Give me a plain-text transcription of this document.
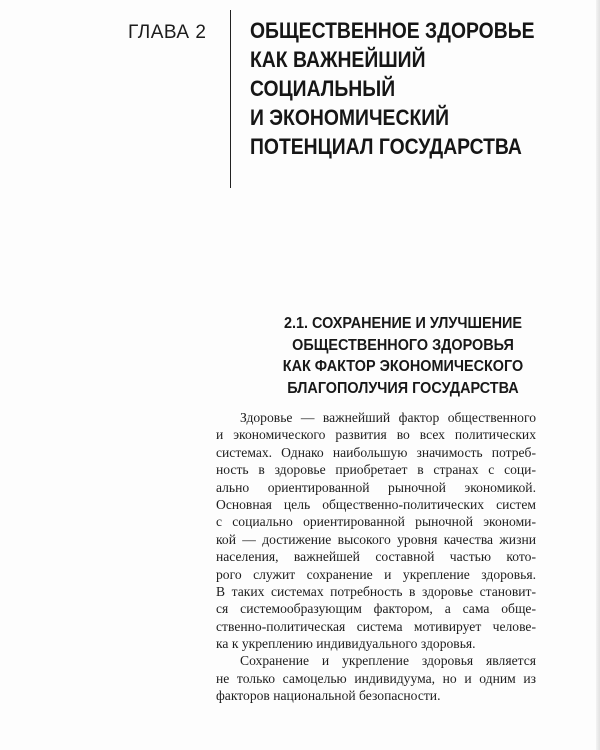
ГЛАВА 2 ОБЩЕСТВЕННОЕ ЗДОРОВЬЕ
КАК ВАЖНЕЙШИЙ
СОЦИАЛЬНЫЙ
И ЭКОНОМИЧЕСКИЙ
ПОТЕНЦИАЛ ГОСУДАРСТВА
2.1. СОХРАНЕНИЕ И УЛУЧШЕНИЕ
ОБЩЕСТВЕННОГО ЗДОРОВЬЯ
КАК ФАКТОР ЭКОНОМИЧЕСКОГО
БЛАГОПОЛУЧИЯ ГОСУДАРСТВА

Здоровье — важнейший фактор общественного
и экономического развития во всех политических
системах. Однако наибольшую значимость потреб-
ность в здоровье приобретает в странах с соци-
ально ориентированной рыночной экономикой.
Основная цель общественно-политических систем
с социально ориентированной рыночной экономи-
кой — достижение высокого уровня качества жизни
населения, важнейшей составной частью кото-
рого служит сохранение и укрепление здоровья.
В таких системах потребность в здоровье становит-
ся системообразующим фактором, а сама обще-
ственно-политическая система мотивирует челове-
ка к укреплению индивидуального здоровья.

Сохранение и укрепление здоровья является
не только самоцелью индивидуума, но и одним из
факторов национальной безопасности.
